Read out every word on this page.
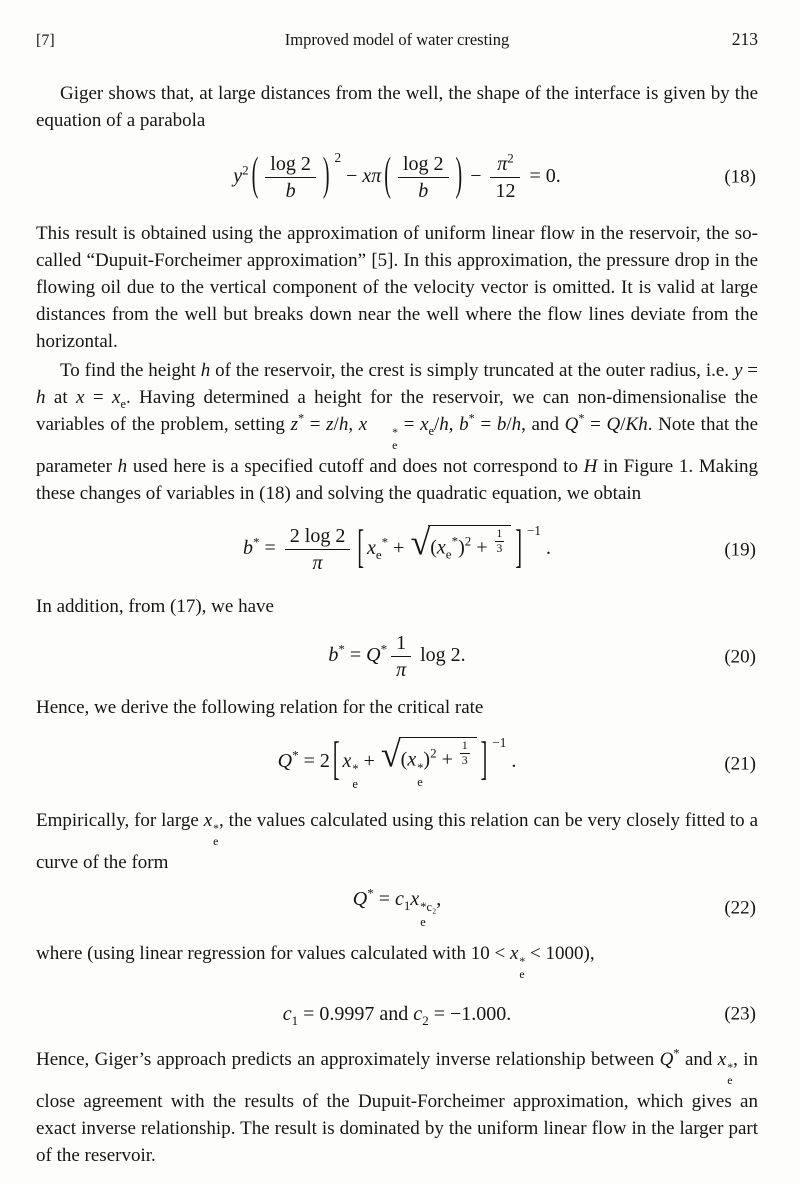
[7]	Improved model of water cresting	213

Giger shows that, at large distances from the well, the shape of the interface is given by the equation of a parabola

$y^2$ ( $\frac{\log 2}{b}$ ) $^2$ − xπ ( $\frac{\log 2}{b}$ ) − $\frac{\pi^2}{12} = 0$.	(18)

This result is obtained using the approximation of uniform linear flow in the reservoir, the so-called “Dupuit-Forcheimer approximation” [5]. In this approximation, the pressure drop in the flowing oil due to the vertical component of the velocity vector is omitted. It is valid at large distances from the well but breaks down near the well where the flow lines deviate from the horizontal.

To find the height h of the reservoir, the crest is simply truncated at the outer radius, i.e. y = h at $x = x_e$. Having determined a height for the reservoir, we can non-dimensionalise the variables of the problem, setting z* = z/h, x	*
e
= $x_e/h$, b* = b/h, and Q* = Q/Kh. Note that the parameter h used here is a specified cutoff and does not correspond to H in Figure 1. Making these changes of variables in (18) and solving the quadratic equation, we obtain

$b^* = \frac{2 \log 2}{\pi}$ [ $x_e^*$ + √ $(x_e^*)^2 + \frac{1}{3}$ ] $^{-1}$ .	(19)

In addition, from (17), we have

$b^* = Q^* \frac{1}{\pi}$ log 2.	(20)

Hence, we derive the following relation for the critical rate

Q* = 2 [ x *
e
+ √ (x *
e
)$^2 + \frac{1}{3}$ ] $^{-1}$ .	(21)

Empirically, for large x *
e
, the values calculated using this relation can be very closely fitted to a curve of the form

$Q^* = c_1x$ *c₂
e
,	(22)

where (using linear regression for values calculated with 10 < x *
e
< 1000),

$c_1 = 0.9997$ and $c_2 = -1.000$.	(23)

Hence, Giger’s approach predicts an approximately inverse relationship between Q* and x *
e
, in close agreement with the results of the Dupuit-Forcheimer approximation, which gives an exact inverse relationship. The result is dominated by the uniform linear flow in the larger part of the reservoir.
